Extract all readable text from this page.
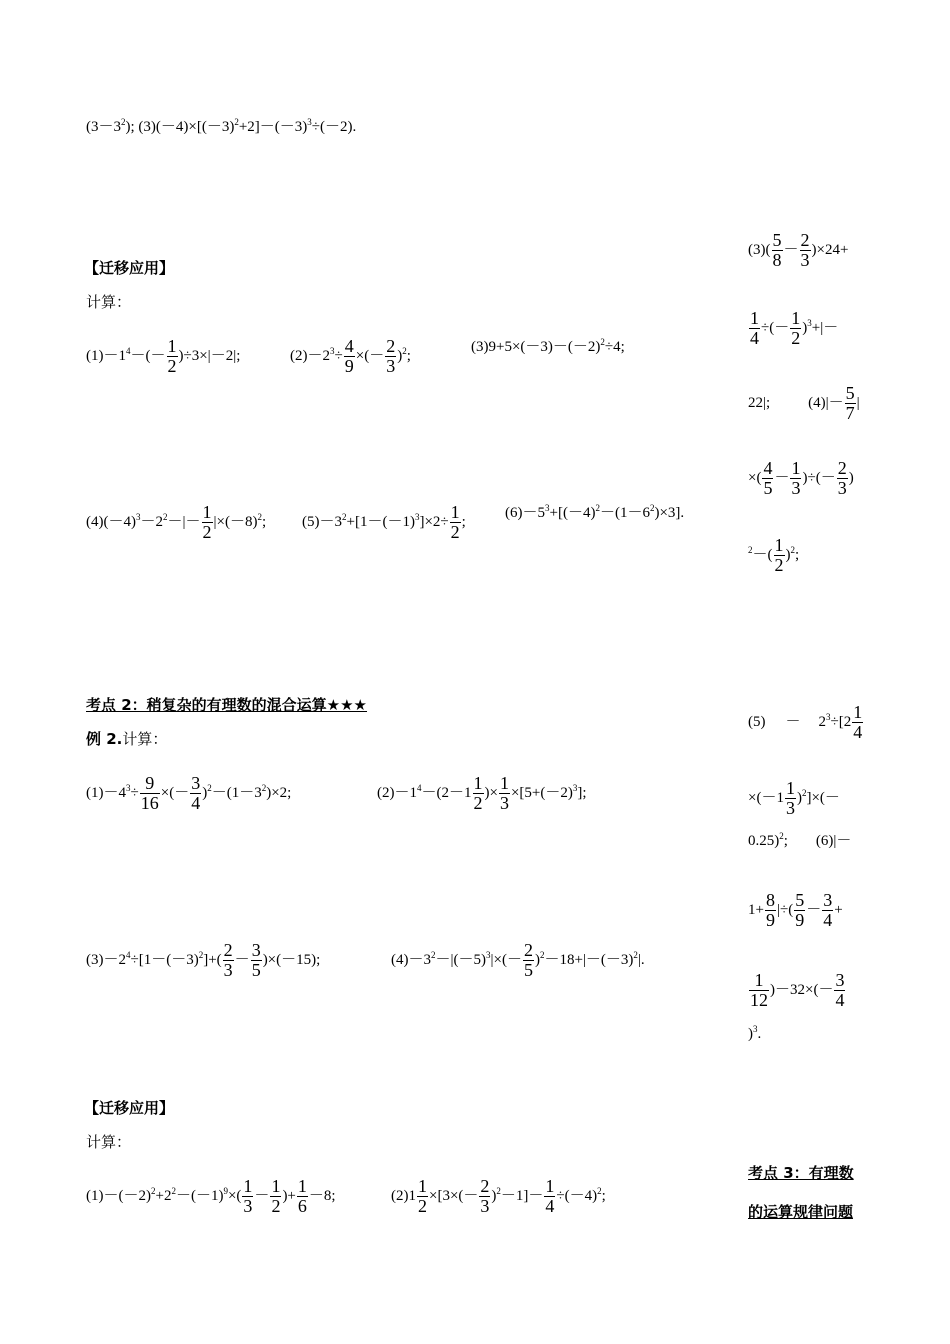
$(3-3^2)$; $(3)(-4)\times[(-3)^2+2]-(-3)^3\div(-2)$.
【迁移应用】
计算：
$(1)-1^4-(- \frac{1}{2} )\div 3\times|-2|$;	$(2)-2^3\div \frac{4}{9}$ ×(－ $\frac{2}{3} )^2$;
$(3)9+5\times(-3)-(-2)^2\div 4$;
$(4)(-4)^3-2^2-|- \frac{1}{2} |\times(-8)^2$; $(5)-3^2+[1-(-1)^3]\times 2\div \frac{1}{2}$ ;
$(6)-5^3+[(-4)^2-(1-6^2)\times 3]$.
考点 2：稍复杂的有理数的混合运算★★★
例 2.计算：
$(1)-4^3\div \frac{9}{16}$ ×(－ $\frac{3}{4} )^2-(1-3^2)\times 2$;	$(2)-1^4-(2-1 \frac{1}{2}$ )× $\frac{1}{3} \times[5+(-2)^3]$;
$(3)-2^4\div[1-(-3)^2]+( \frac{2}{3} - \frac{3}{5} )\times(-15)$;	$(4)-3^2-|(-5)^3|\times(- \frac{2}{5} )^2-18+|-(-3)^2|$.
【迁移应用】
计算：
$(1)-(-2)^2+2^2-(-1)^9\times( \frac{1}{3} - \frac{1}{2}$ )+ $\frac{1}{6} -8$;	$(2)1 \frac{1}{2} \times[3\times(- \frac{2}{3} )^2-1]- \frac{1}{4} \div(-4)^2$;
$(3)( \frac{5}{8} - \frac{2}{3} )\times 24+$
$\frac{1}{4}$ ÷(－ $\frac{1}{2} )^3+|-$
22|;	$(4)|- \frac{5}{7}$ |
×( $\frac{4}{5} - \frac{1}{3}$ )÷(－ $\frac{2}{3}$ )
$^2-( \frac{1}{2} )^2$;
$(5) - 2^3\div[2 \frac{1}{4}$
$\times(-1 \frac{1}{3} )^2]\times(-$
0.25)$^2$; (6)|－
$1+ \frac{8}{9}$ |÷( $\frac{5}{9} - \frac{3}{4}$ +
$\frac{1}{12} )-32\times(- \frac{3}{4}$
)$^3$.
考点 3：有理数
的运算规律问题
